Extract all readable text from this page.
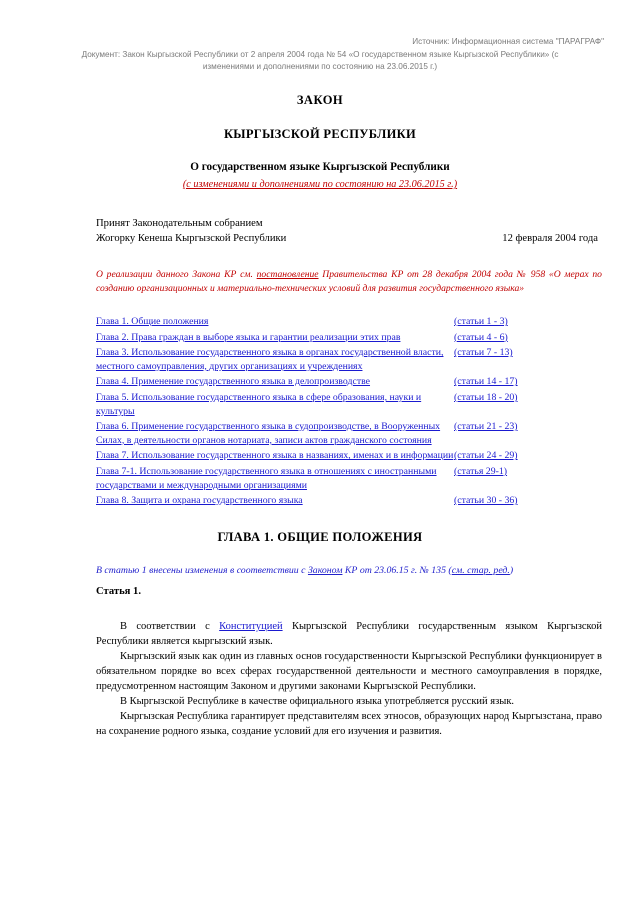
Источник: Информационная система "ПАРАГРАФ"
Документ: Закон Кыргызской Республики от 2 апреля 2004 года № 54 «О государственном языке Кыргызской Республики» (с изменениями и дополнениями по состоянию на 23.06.2015 г.)
ЗАКОН
КЫРГЫЗСКОЙ РЕСПУБЛИКИ
О государственном языке Кыргызской Республики
(с изменениями и дополнениями по состоянию на 23.06.2015 г.)
Принят Законодательным собранием
Жогорку Кенеша Кыргызской Республики	12 февраля 2004 года
О реализации данного Закона КР см. постановление Правительства КР от 28 декабря 2004 года № 958 «О мерах по созданию организационных и материально-технических условий для развития государственного языка»
Глава 1. Общие положения	(статьи 1 - 3)
Глава 2. Права граждан в выборе языка и гарантии реализации этих прав	(статьи 4 - 6)
Глава 3. Использование государственного языка в органах государственной власти, местного самоуправления, других организациях и учреждениях
(статьи 7 - 13)
Глава 4. Применение государственного языка в делопроизводстве	(статьи 14 - 17)
Глава 5. Использование государственного языка в сфере образования, науки и культуры
(статьи 18 - 20)
Глава 6. Применение государственного языка в судопроизводстве, в Вооруженных Силах, в деятельности органов нотариата, записи актов гражданского состояния
(статьи 21 - 23)
Глава 7. Использование государственного языка в названиях, именах и в информации (статьи 24 - 29)
Глава 7-1. Использование государственного языка в отношениях с иностранными государствами и международными организациями
(статья 29-1)
Глава 8. Защита и охрана государственного языка	(статьи 30 - 36)
ГЛАВА 1. ОБЩИЕ ПОЛОЖЕНИЯ
В статью 1 внесены изменения в соответствии с Законом КР от 23.06.15 г. № 135 (см. стар. ред.)
Статья 1.

В соответствии с Конституцией Кыргызской Республики государственным языком Кыргызской Республики является кыргызский язык.

Кыргызский язык как один из главных основ государственности Кыргызской Республики функционирует в обязательном порядке во всех сферах государственной деятельности и местного самоуправления в порядке, предусмотренном настоящим Законом и другими законами Кыргызской Республики.

В Кыргызской Республике в качестве официального языка употребляется русский язык.

Кыргызская Республика гарантирует представителям всех этносов, образующих народ Кыргызстана, право на сохранение родного языка, создание условий для его изучения и развития.
